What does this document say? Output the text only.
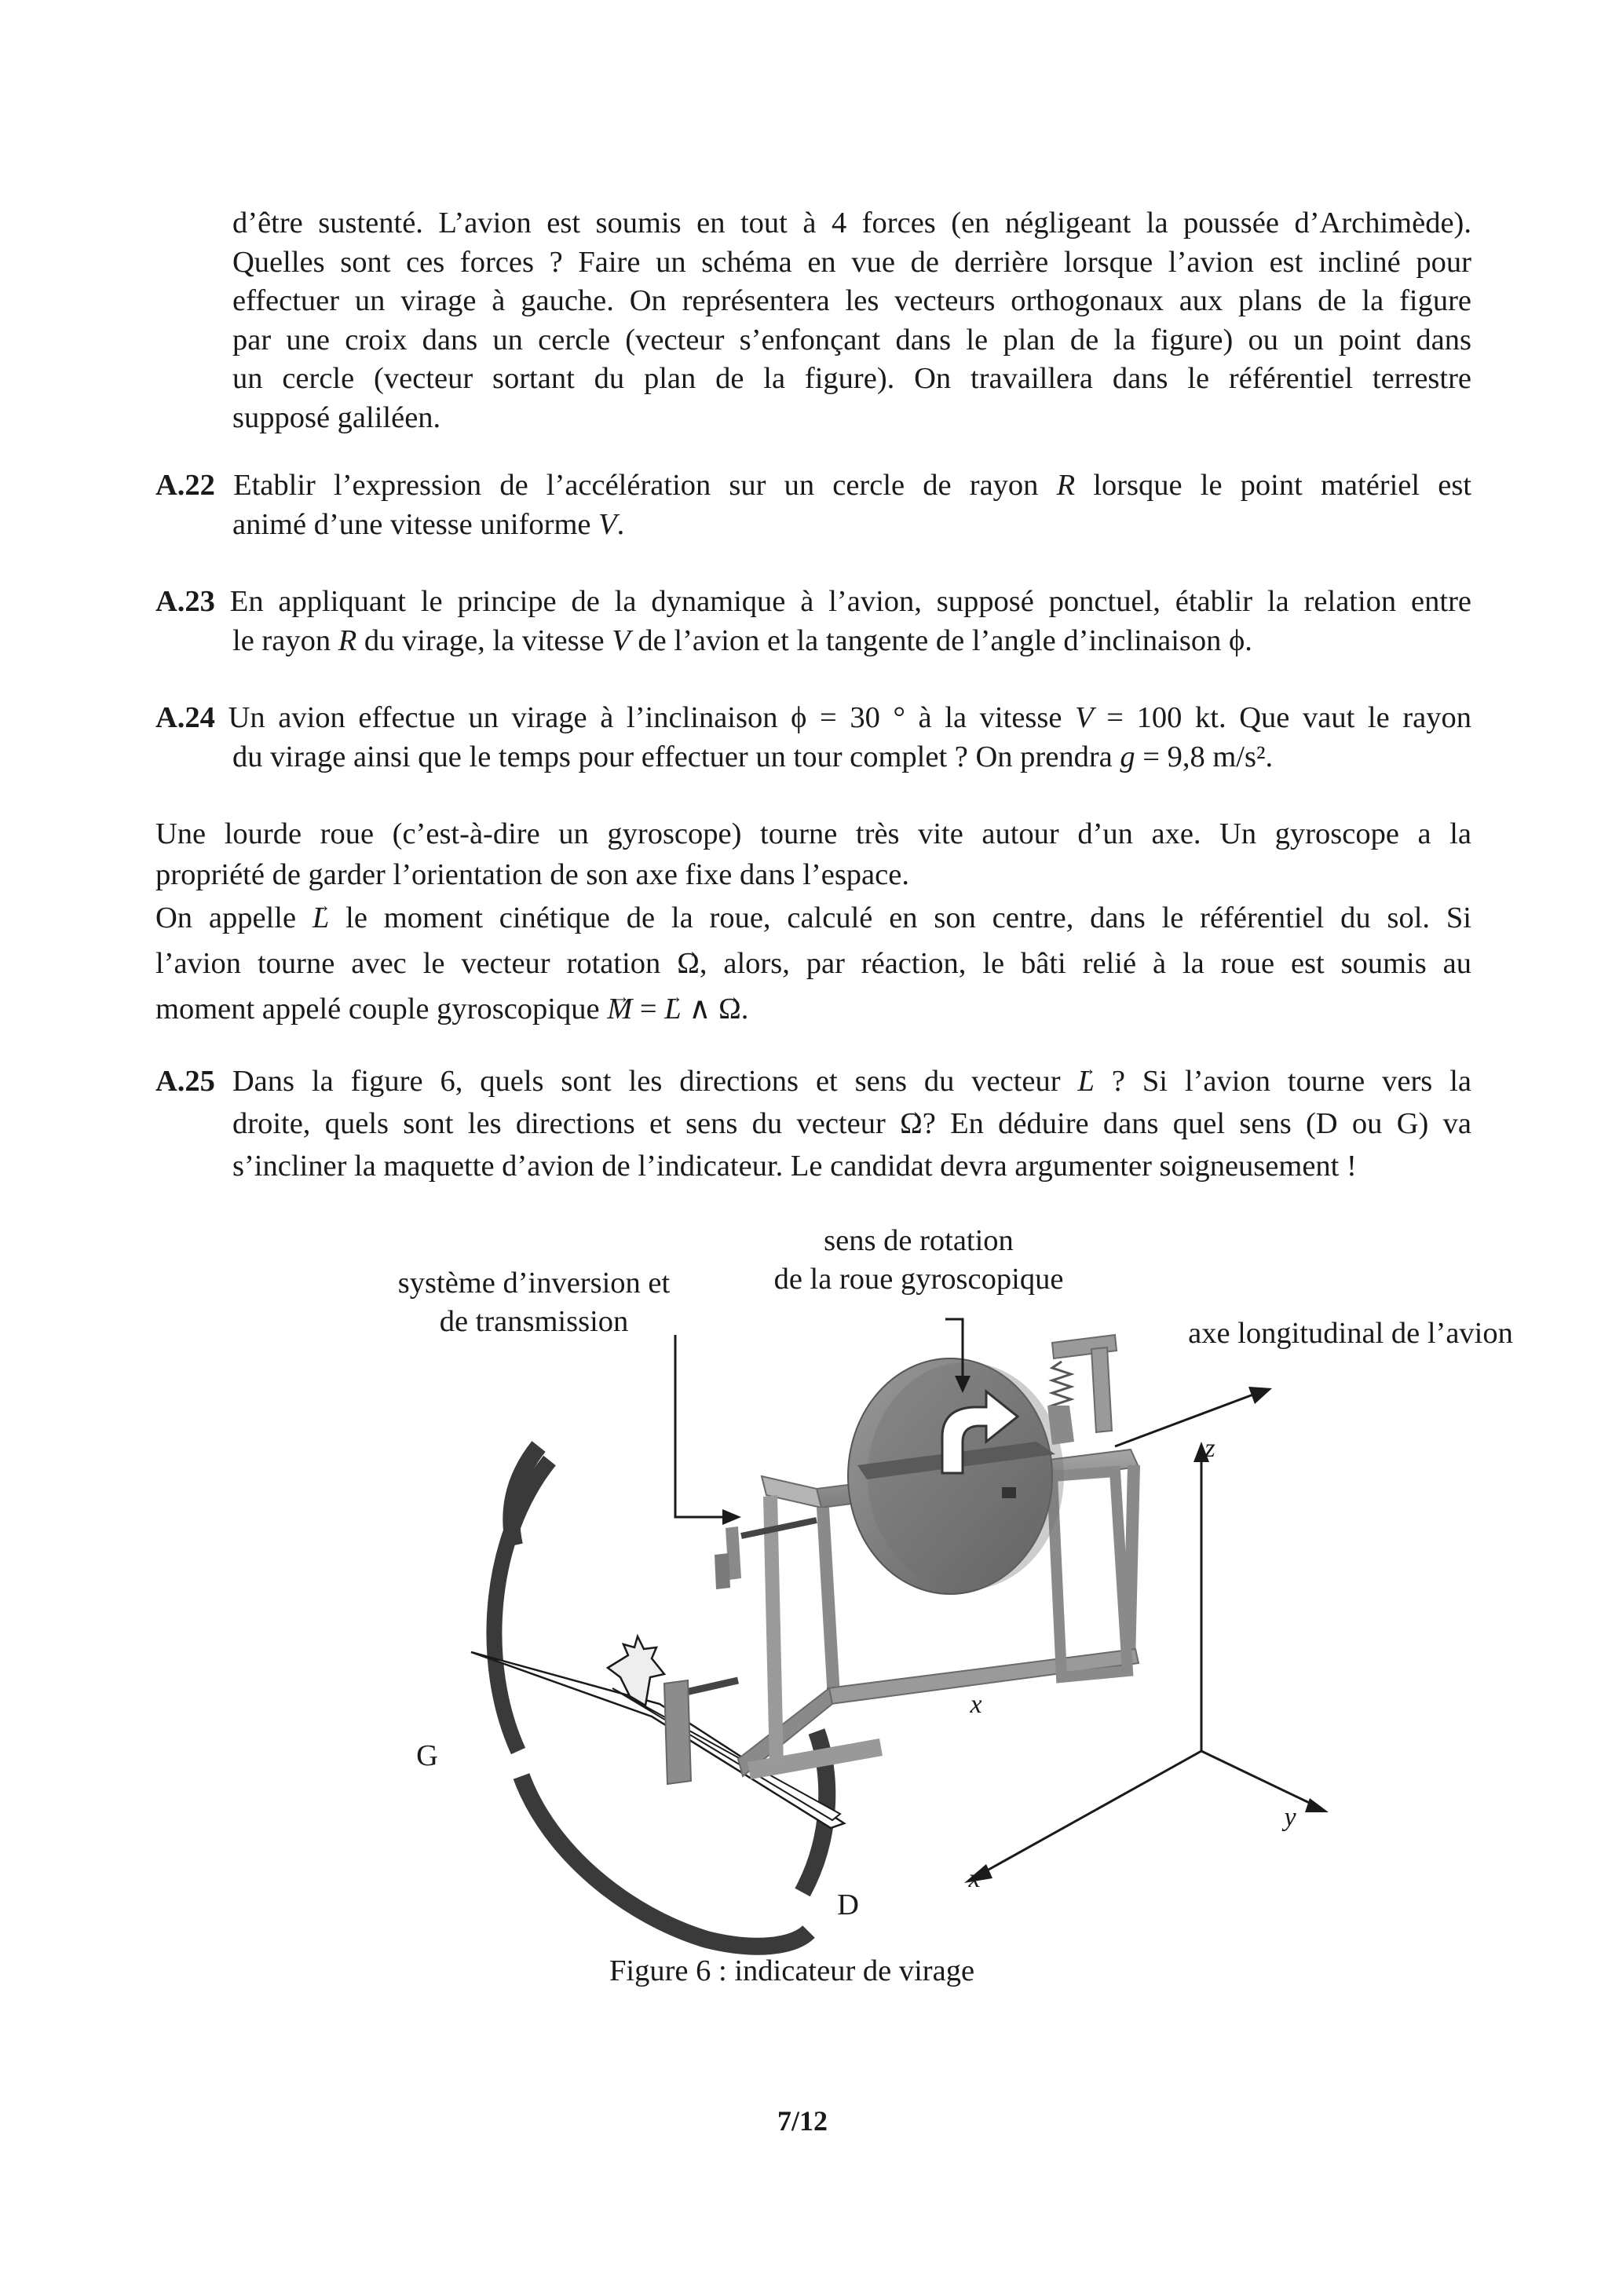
d’être sustenté. L’avion est soumis en tout à 4 forces (en négligeant la poussée d’Archimède).
Quelles sont ces forces ? Faire un schéma en vue de derrière lorsque l’avion est incliné pour
effectuer un virage à gauche. On représentera les vecteurs orthogonaux aux plans de la figure
par une croix dans un cercle (vecteur s’enfonçant dans le plan de la figure) ou un point dans
un cercle (vecteur sortant du plan de la figure). On travaillera dans le référentiel terrestre
supposé galiléen.
A.22 Etablir l’expression de l’accélération sur un cercle de rayon R lorsque le point matériel est
animé d’une vitesse uniforme V.
A.23 En appliquant le principe de la dynamique à l’avion, supposé ponctuel, établir la relation entre
le rayon R du virage, la vitesse V de l’avion et la tangente de l’angle d’inclinaison ϕ.
A.24 Un avion effectue un virage à l’inclinaison ϕ = 30 ° à la vitesse V = 100 kt. Que vaut le rayon
du virage ainsi que le temps pour effectuer un tour complet ? On prendra g = 9,8 m/s².
Une lourde roue (c’est-à-dire un gyroscope) tourne très vite autour d’un axe. Un gyroscope a la
propriété de garder l’orientation de son axe fixe dans l’espace.
On appelle → L le moment cinétique de la roue, calculé en son centre, dans le référentiel du sol. Si
l’avion tourne avec le vecteur rotation → Ω, alors, par réaction, le bâti relié à la roue est soumis au
moment appelé couple gyroscopique → M = → L ∧ → Ω.
A.25 Dans la figure 6, quels sont les directions et sens du vecteur → L ? Si l’avion tourne vers la
droite, quels sont les directions et sens du vecteur → Ω? En déduire dans quel sens (D ou G) va
s’incliner la maquette d’avion de l’indicateur. Le candidat devra argumenter soigneusement !
sens de rotation
de la roue gyroscopique
système d’inversion et
de transmission	axe longitudinal de l’avion
z
x
y
x
G
D
Figure 6 : indicateur de virage
7/12
